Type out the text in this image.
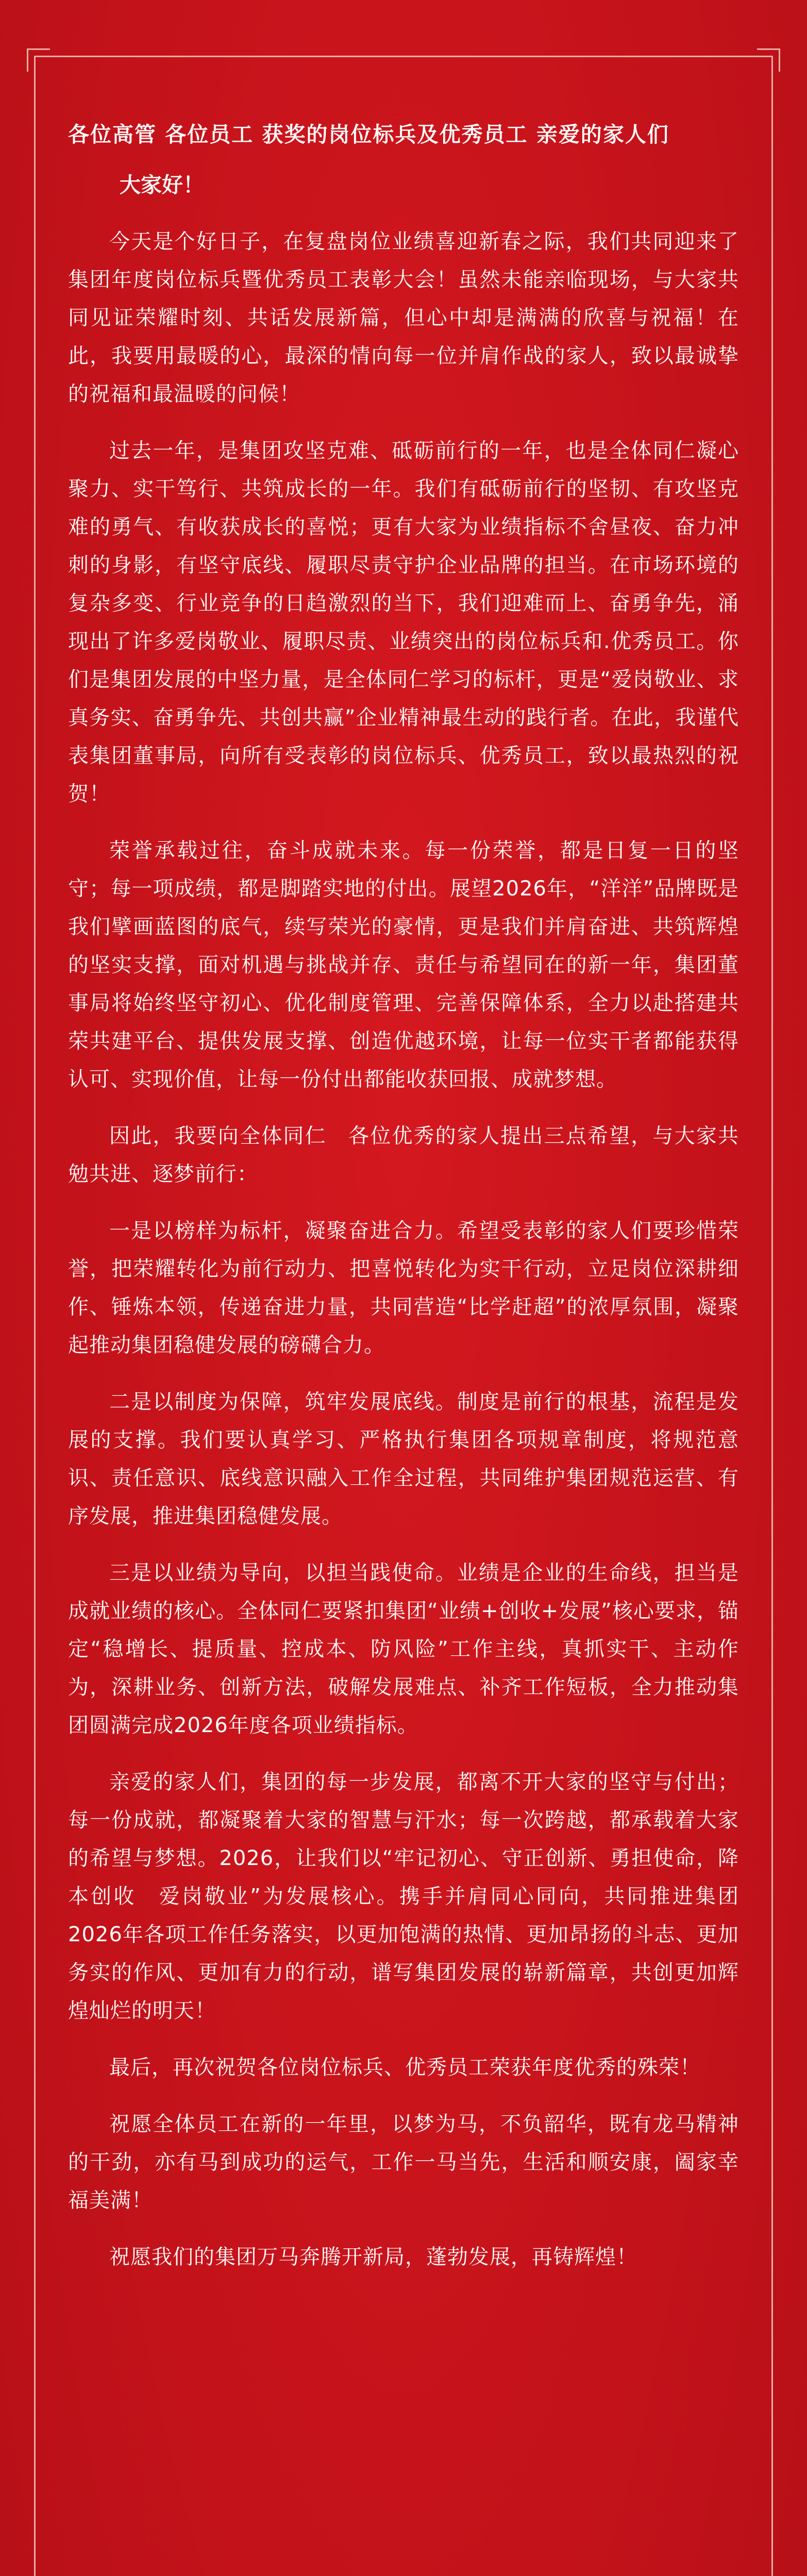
各位高管 各位员工 获奖的岗位标兵及优秀员工 亲爱的家人们
大家好！

今天是个好日子，在复盘岗位业绩喜迎新春之际，我们共同迎来了集团年度岗位标兵暨优秀员工表彰大会！虽然未能亲临现场，与大家共同见证荣耀时刻、共话发展新篇，但心中却是满满的欣喜与祝福！在此，我要用最暖的心，最深的情向每一位并肩作战的家人，致以最诚挚的祝福和最温暖的问候！

过去一年，是集团攻坚克难、砥砺前行的一年，也是全体同仁凝心聚力、实干笃行、共筑成长的一年。我们有砥砺前行的坚韧、有攻坚克难的勇气、有收获成长的喜悦；更有大家为业绩指标不舍昼夜、奋力冲刺的身影，有坚守底线、履职尽责守护企业品牌的担当。在市场环境的复杂多变、行业竞争的日趋激烈的当下，我们迎难而上、奋勇争先，涌现出了许多爱岗敬业、履职尽责、业绩突出的岗位标兵和.优秀员工。你们是集团发展的中坚力量，是全体同仁学习的标杆，更是“爱岗敬业、求真务实、奋勇争先、共创共赢”企业精神最生动的践行者。在此，我谨代表集团董事局，向所有受表彰的岗位标兵、优秀员工，致以最热烈的祝贺！

荣誉承载过往，奋斗成就未来。每一份荣誉，都是日复一日的坚守；每一项成绩，都是脚踏实地的付出。展望2026年，“洋洋”品牌既是我们擘画蓝图的底气，续写荣光的豪情，更是我们并肩奋进、共筑辉煌的坚实支撑，面对机遇与挑战并存、责任与希望同在的新一年，集团董事局将始终坚守初心、优化制度管理、完善保障体系，全力以赴搭建共荣共建平台、提供发展支撑、创造优越环境，让每一位实干者都能获得认可、实现价值，让每一份付出都能收获回报、成就梦想。

因此，我要向全体同仁　各位优秀的家人提出三点希望，与大家共勉共进、逐梦前行：

一是以榜样为标杆，凝聚奋进合力。希望受表彰的家人们要珍惜荣誉，把荣耀转化为前行动力、把喜悦转化为实干行动，立足岗位深耕细作、锤炼本领，传递奋进力量，共同营造“比学赶超”的浓厚氛围，凝聚起推动集团稳健发展的磅礴合力。

二是以制度为保障，筑牢发展底线。制度是前行的根基，流程是发展的支撑。我们要认真学习、严格执行集团各项规章制度，将规范意识、责任意识、底线意识融入工作全过程，共同维护集团规范运营、有序发展，推进集团稳健发展。

三是以业绩为导向，以担当践使命。业绩是企业的生命线，担当是成就业绩的核心。全体同仁要紧扣集团“业绩+创收+发展”核心要求，锚定“稳增长、提质量、控成本、防风险”工作主线，真抓实干、主动作为，深耕业务、创新方法，破解发展难点、补齐工作短板，全力推动集团圆满完成2026年度各项业绩指标。

亲爱的家人们，集团的每一步发展，都离不开大家的坚守与付出；每一份成就，都凝聚着大家的智慧与汗水；每一次跨越，都承载着大家的希望与梦想。2026，让我们以“牢记初心、守正创新、勇担使命，降本创收　爱岗敬业”为发展核心。携手并肩同心同向，共同推进集团2026年各项工作任务落实，以更加饱满的热情、更加昂扬的斗志、更加务实的作风、更加有力的行动，谱写集团发展的崭新篇章，共创更加辉煌灿烂的明天！

最后，再次祝贺各位岗位标兵、优秀员工荣获年度优秀的殊荣！

祝愿全体员工在新的一年里，以梦为马，不负韶华，既有龙马精神的干劲，亦有马到成功的运气，工作一马当先，生活和顺安康，阖家幸福美满！

祝愿我们的集团万马奔腾开新局，蓬勃发展，再铸辉煌！
